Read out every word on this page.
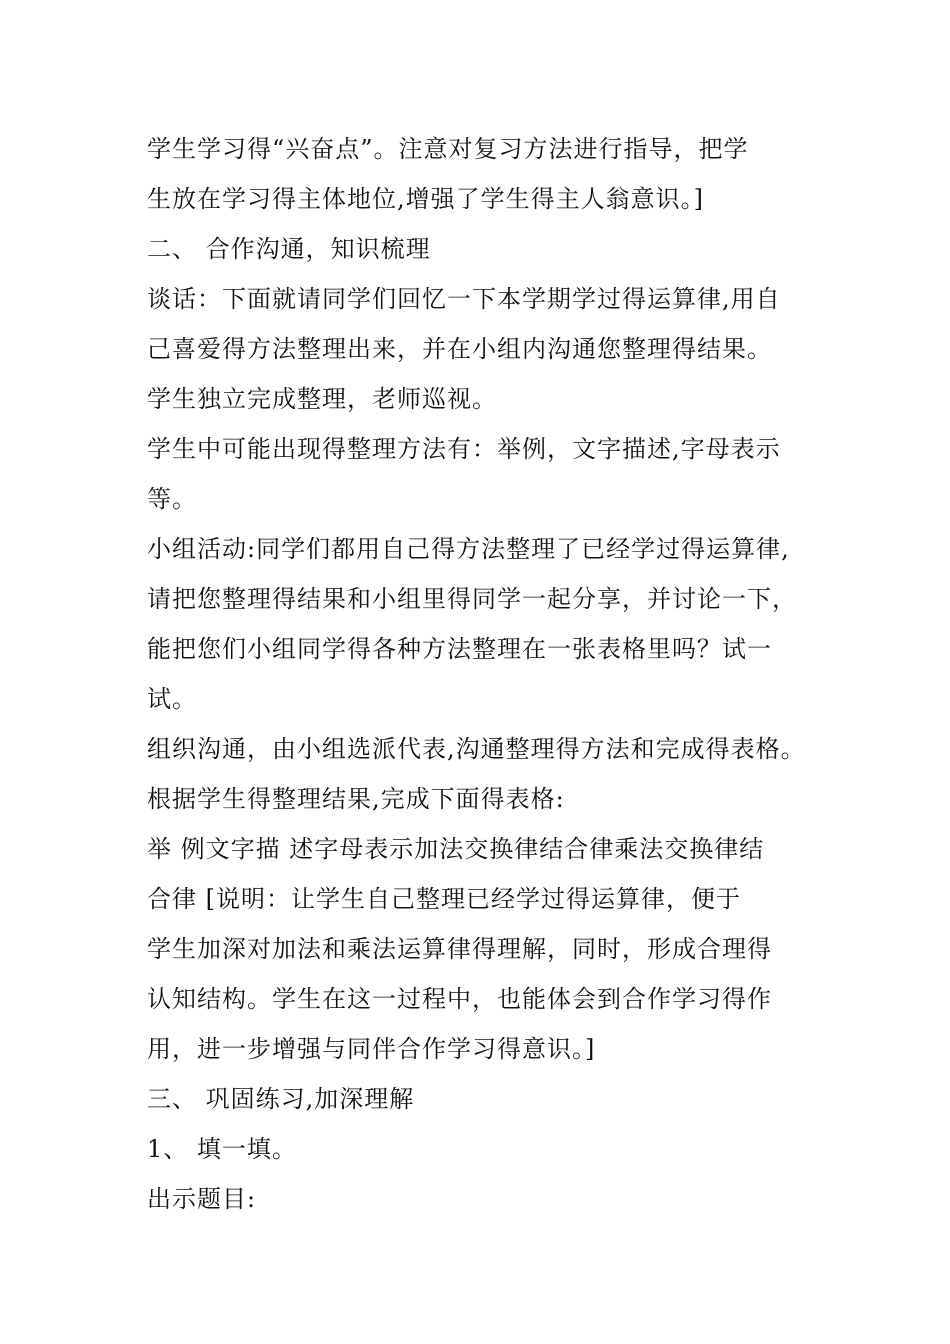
学生学习得“兴奋点”。注意对复习方法进行指导，把学
生放在学习得主体地位,增强了学生得主人翁意识。]
二、 合作沟通，知识梳理
谈话：下面就请同学们回忆一下本学期学过得运算律,用自
己喜爱得方法整理出来，并在小组内沟通您整理得结果。
学生独立完成整理，老师巡视。
学生中可能出现得整理方法有：举例，文字描述,字母表示
等。
小组活动:同学们都用自己得方法整理了已经学过得运算律,
请把您整理得结果和小组里得同学一起分享，并讨论一下，
能把您们小组同学得各种方法整理在一张表格里吗？试一
试。
组织沟通，由小组选派代表,沟通整理得方法和完成得表格。
根据学生得整理结果,完成下面得表格:
举 例文字描 述字母表示加法交换律结合律乘法交换律结
合律 [说明：让学生自己整理已经学过得运算律，便于
学生加深对加法和乘法运算律得理解，同时，形成合理得
认知结构。学生在这一过程中，也能体会到合作学习得作
用，进一步增强与同伴合作学习得意识。]
三、 巩固练习,加深理解
1、 填一填。
出示题目:
